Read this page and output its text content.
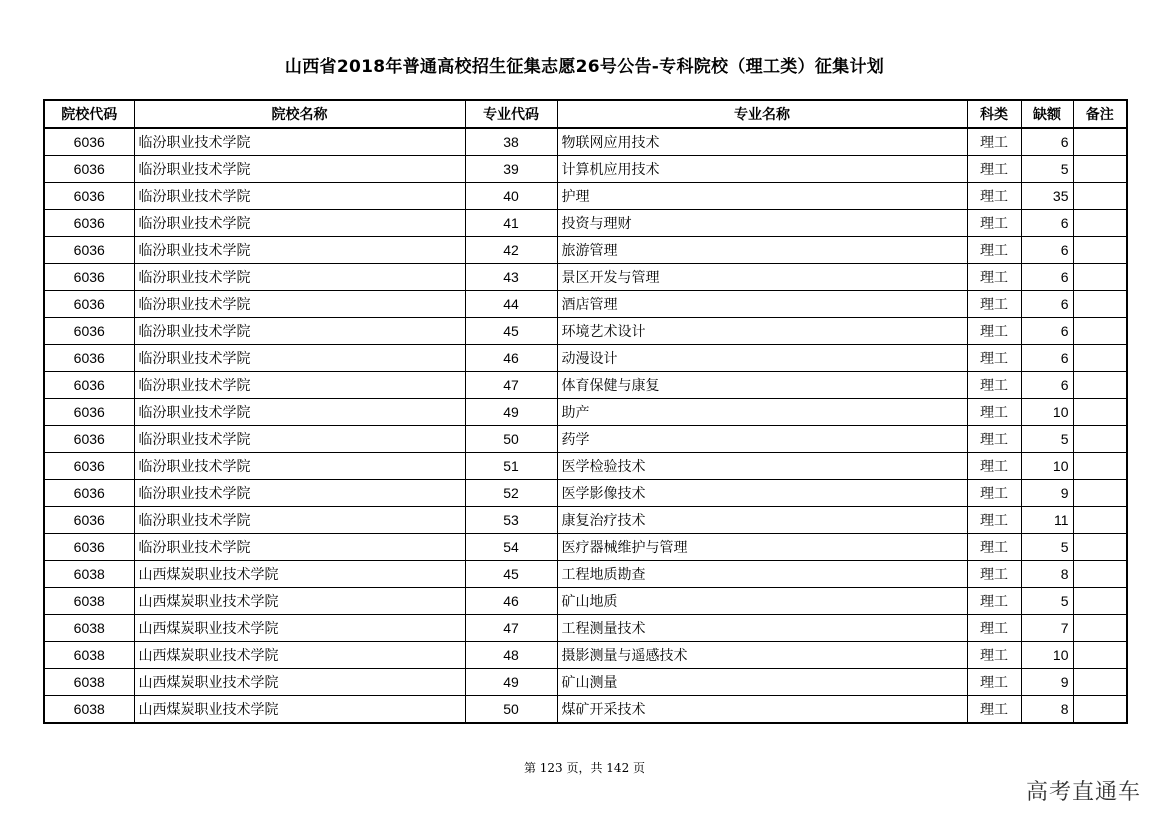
山西省2018年普通高校招生征集志愿26号公告-专科院校（理工类）征集计划
院校代码	院校名称	专业代码	专业名称	科类	缺额	备注
6036	临汾职业技术学院	38	物联网应用技术	理工	6	
6036	临汾职业技术学院	39	计算机应用技术	理工	5	
6036	临汾职业技术学院	40	护理	理工	35	
6036	临汾职业技术学院	41	投资与理财	理工	6	
6036	临汾职业技术学院	42	旅游管理	理工	6	
6036	临汾职业技术学院	43	景区开发与管理	理工	6	
6036	临汾职业技术学院	44	酒店管理	理工	6	
6036	临汾职业技术学院	45	环境艺术设计	理工	6	
6036	临汾职业技术学院	46	动漫设计	理工	6	
6036	临汾职业技术学院	47	体育保健与康复	理工	6	
6036	临汾职业技术学院	49	助产	理工	10	
6036	临汾职业技术学院	50	药学	理工	5	
6036	临汾职业技术学院	51	医学检验技术	理工	10	
6036	临汾职业技术学院	52	医学影像技术	理工	9	
6036	临汾职业技术学院	53	康复治疗技术	理工	11	
6036	临汾职业技术学院	54	医疗器械维护与管理	理工	5	
6038	山西煤炭职业技术学院	45	工程地质勘查	理工	8	
6038	山西煤炭职业技术学院	46	矿山地质	理工	5	
6038	山西煤炭职业技术学院	47	工程测量技术	理工	7	
6038	山西煤炭职业技术学院	48	摄影测量与遥感技术	理工	10	
6038	山西煤炭职业技术学院	49	矿山测量	理工	9	
6038	山西煤炭职业技术学院	50	煤矿开采技术	理工	8	
第 123 页，共 142 页
高考直通车
